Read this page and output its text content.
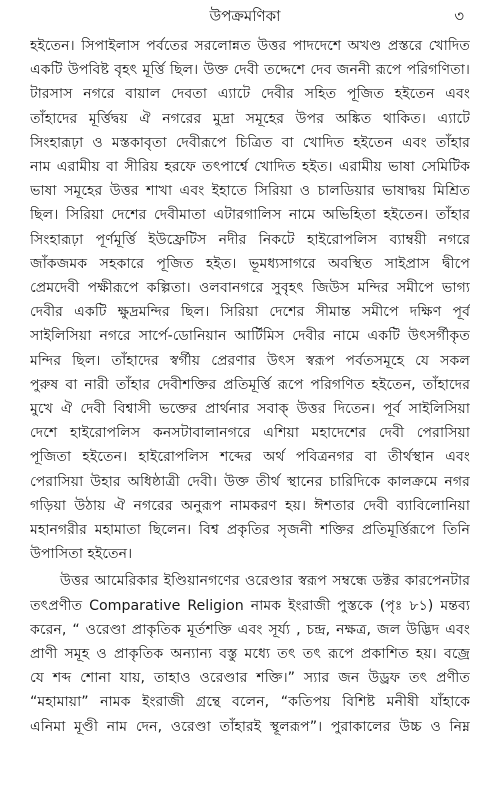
উপক্রমণিকা	৩
হইতেন। সিপাইলাস পর্বতের সরলোন্নত উত্তর পাদদেশে অখণ্ড প্রস্তরে খোদিত
একটি উপবিষ্ট বৃহৎ মূর্ত্তি ছিল। উক্ত দেবী তদ্দেশে দেব জননী রূপে পরিগণিতা।
টারসাস নগরে বায়াল দেবতা এ্যাটে দেবীর সহিত পূজিত হইতেন এবং
তাঁহাদের মূর্ত্তিদ্বয় ঐ নগরের মুদ্রা সমূহের উপর অঙ্কিত থাকিত। এ্যাটে
সিংহারূঢ়া ও মস্তকাবৃতা দেবীরূপে চিত্রিত বা খোদিত হইতেন এবং তাঁহার
নাম এরামীয় বা সীরিয় হরফে তৎপার্শ্বে খোদিত হইত। এরামীয় ভাষা সেমিটিক
ভাষা সমূহের উত্তর শাখা এবং ইহাতে সিরিয়া ও চালডিয়ার ভাষাদ্বয় মিশ্রিত
ছিল। সিরিয়া দেশের দেবীমাতা এটারগালিস নামে অভিহিতা হইতেন। তাঁহার
সিংহারূঢ়া পূর্ণমূর্ত্তি ইউফ্রেটিস নদীর নিকটে হাইরোপলিস ব্যাম্বয়ী নগরে
জাঁকজমক সহকারে পূজিত হইত। ভূমধ্যসাগরে অবস্থিত সাইপ্রাস দ্বীপে
প্রেমদেবী পক্ষীরূপে কল্পিতা। ওলবানগরে সুবৃহৎ জিউস মন্দির সমীপে ভাগ্য
দেবীর একটি ক্ষুদ্রমন্দির ছিল। সিরিয়া দেশের সীমান্ত সমীপে দক্ষিণ পূর্ব
সাইলিসিয়া নগরে সার্পে-ডোনিয়ান আর্টিমিস দেবীর নামে একটি উৎসর্গীকৃত
মন্দির ছিল। তাঁহাদের স্বর্গীয় প্রেরণার উৎস স্বরূপ পর্বতসমূহে যে সকল
পুরুষ বা নারী তাঁহার দেবীশক্তির প্রতিমূর্ত্তি রূপে পরিগণিত হইতেন, তাঁহাদের
মুখে ঐ দেবী বিশ্বাসী ভক্তের প্রার্থনার সবাক্ উত্তর দিতেন। পূর্ব সাইলিসিয়া
দেশে হাইরোপলিস কনসটাবালানগরে এশিয়া মহাদেশের দেবী পেরাসিয়া
পূজিতা হইতেন। হাইরোপলিস শব্দের অর্থ পবিত্রনগর বা তীর্থস্থান এবং
পেরাসিয়া উহার অধিষ্ঠাত্রী দেবী। উক্ত তীর্থ স্থানের চারিদিকে কালক্রমে নগর
গড়িয়া উঠায় ঐ নগরের অনুরূপ নামকরণ হয়। ঈশতার দেবী ব্যাবিলোনিয়া
মহানগরীর মহামাতা ছিলেন। বিশ্ব প্রকৃতির সৃজনী শক্তির প্রতিমূর্ত্তিরূপে তিনি
উপাসিতা হইতেন।
উত্তর আমেরিকার ইণ্ডিয়ানগণের ওরেণ্ডার স্বরূপ সম্বন্ধে ডক্টর কারপেনটার
তৎপ্রণীত Comparative Religion নামক ইংরাজী পুস্তকে (পৃঃ ৮১) মন্তব্য
করেন, “ ওরেণ্ডা প্রাকৃতিক মূর্তশক্তি এবং সূর্য্য , চন্দ্র, নক্ষত্র, জল উদ্ভিদ এবং
প্রাণী সমূহ ও প্রাকৃতিক অন্যান্য বস্তু মধ্যে তৎ তৎ রূপে প্রকাশিত হয়। বজ্রে
যে শব্দ শোনা যায়, তাহাও ওরেণ্ডার শক্তি।” স্যার জন উড্রফ তৎ প্রণীত
“মহামায়া” নামক ইংরাজী গ্রন্থে বলেন, “কতিপয় বিশিষ্ট মনীষী যাঁহাকে
এনিমা মূণ্ডী নাম দেন, ওরেণ্ডা তাঁহারই স্থূলরূপ”। পুরাকালের উচ্চ ও নিম্ন
